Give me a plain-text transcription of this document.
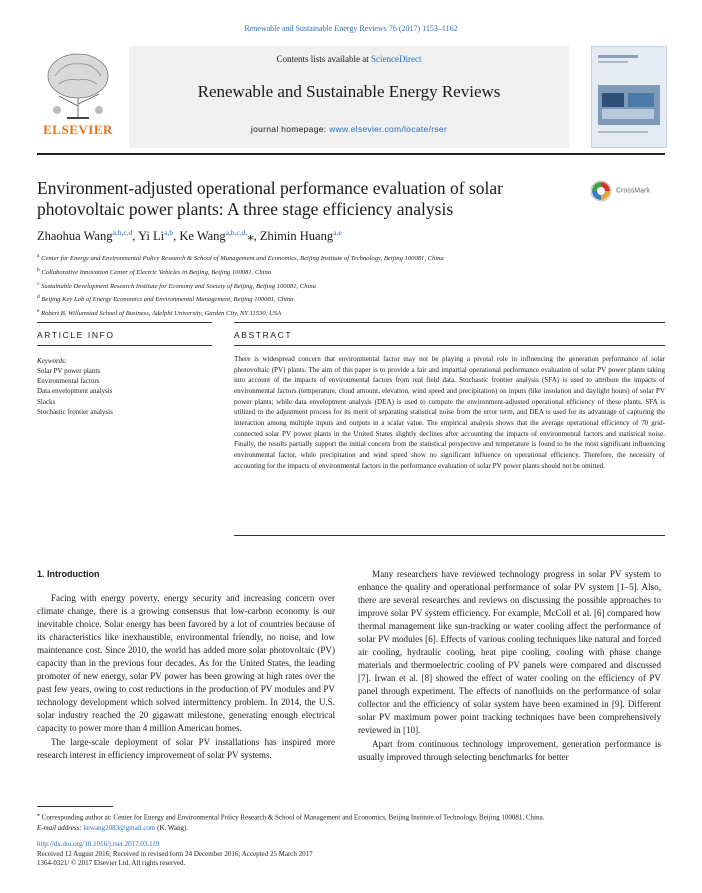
Renewable and Sustainable Energy Reviews 76 (2017) 1153–1162
ELSEVIER
Contents lists available at ScienceDirect
Renewable and Sustainable Energy Reviews
journal homepage: www.elsevier.com/locate/rser
Environment-adjusted operational performance evaluation of solar
photovoltaic power plants: A three stage efficiency analysis
CrossMark
Zhaohua Wang$^{a,b,c,d}$, Yi Li$^{a,b}$, Ke Wang$^{a,b,c,d,}$⁎, Zhimin Huang$^{a,e}$
$^a$ Center for Energy and Environmental Policy Research & School of Management and Economics, Beijing Institute of Technology, Beijing 100081, China
$^b$ Collaborative Innovation Center of Electric Vehicles in Beijing, Beijing 100081, China
$^c$ Sustainable Development Research Institute for Economy and Society of Beijing, Beijing 100081, China
$^d$ Beijing Key Lab of Energy Economics and Environmental Management, Beijing 100081, China
$^e$ Robert B. Willumstad School of Business, Adelphi University, Garden City, NY 11530, USA
ARTICLE INFO	ABSTRACT
Keywords:
Solar PV power plants
Environmental factors
Data envelopment analysis
Slacks
Stochastic frontier analysis
There is widespread concern that environmental factor may not be playing a pivotal role in influencing the generation performance of solar photovoltaic (PV) plants. The aim of this paper is to provide a fair and impartial operational performance evaluation of solar PV power plants taking into account of the impacts of environmental factors from real field data. Stochastic frontier analysis (SFA) is used to attribute the impacts of environmental factors (temperature, cloud amount, elevation, wind speed and precipitation) on inputs (like insolation and daylight hours) of solar PV power plants; while data envelopment analysis (DEA) is used to compute the environment-adjusted operational efficiency of these plants. SFA is utilized in the adjustment process for its merit of separating statistical noise from the error term, and DEA is used for its advantage of capturing the interaction among multiple inputs and outputs in a scalar value. The empirical analysis shows that the average operational efficiency of 70 grid-connected solar PV power plants in the United States slightly declines after accounting the impacts of environmental factors and statistical noise. Finally, the results partially support the initial concern from the statistical perspective and temperature is found to be the most significant influencing environmental factor, while precipitation and wind speed show no significant influence on operational efficiency. Therefore, the necessity of accounting for the impacts of environmental factors in the performance evaluation of solar PV power plants should not be omitted.
1. Introduction

Facing with energy poverty, energy security and increasing concern over climate change, there is a growing consensus that low-carbon economy is our inevitable choice. Solar energy has been favored by a lot of countries because of its characteristics like inexhaustible, environmental friendly, no noise, and low maintenance cost. Since 2010, the world has added more solar photovoltaic (PV) capacity than in the previous four decades. As for the United States, the leading promoter of new energy, solar PV power has been growing at high rates over the past few years, owing to cost reductions in the production of PV modules and PV technology development which solved intermittency problem. In 2014, the U.S. solar industry reached the 20 gigawatt milestone, generating enough electrical capacity to power more than 4 million American homes.

The large-scale deployment of solar PV installations has inspired more research interest in efficiency improvement of solar PV systems.

Many researchers have reviewed technology progress in solar PV system to enhance the quality and operational performance of solar PV system [1–5]. Also, there are several researches and reviews on discussing the possible approaches to improve solar PV system efficiency. For example, McColl et al. [6] compared how thermal management like sun-tracking or water cooling affect the performance of solar PV modules [6]. Effects of various cooling techniques like natural and forced air cooling, hydraulic cooling, heat pipe cooling, cooling with phase change materials and thermoelectric cooling of PV panels were compared and discussed [7]. Irwan et al. [8] showed the effect of water cooling on the efficiency of PV panel through experiment. The effects of nanofluids on the performance of solar collector and the efficiency of solar system have been examined in [9]. Different solar PV maximum power point tracking techniques have been comprehensively reviewed in [10].

Apart from continuous technology improvement, generation performance is usually improved through selecting benchmarks for better

⁎ Corresponding author at: Center for Energy and Environmental Policy Research & School of Management and Economics, Beijing Institute of Technology, Beijing 100081, China.
E-mail address: kewang2083@gmail.com (K. Wang).
http://dx.doi.org/10.1016/j.rser.2017.03.119
Received 12 August 2016; Received in revised form 24 December 2016; Accepted 25 March 2017
1364-0321/ © 2017 Elsevier Ltd. All rights reserved.
